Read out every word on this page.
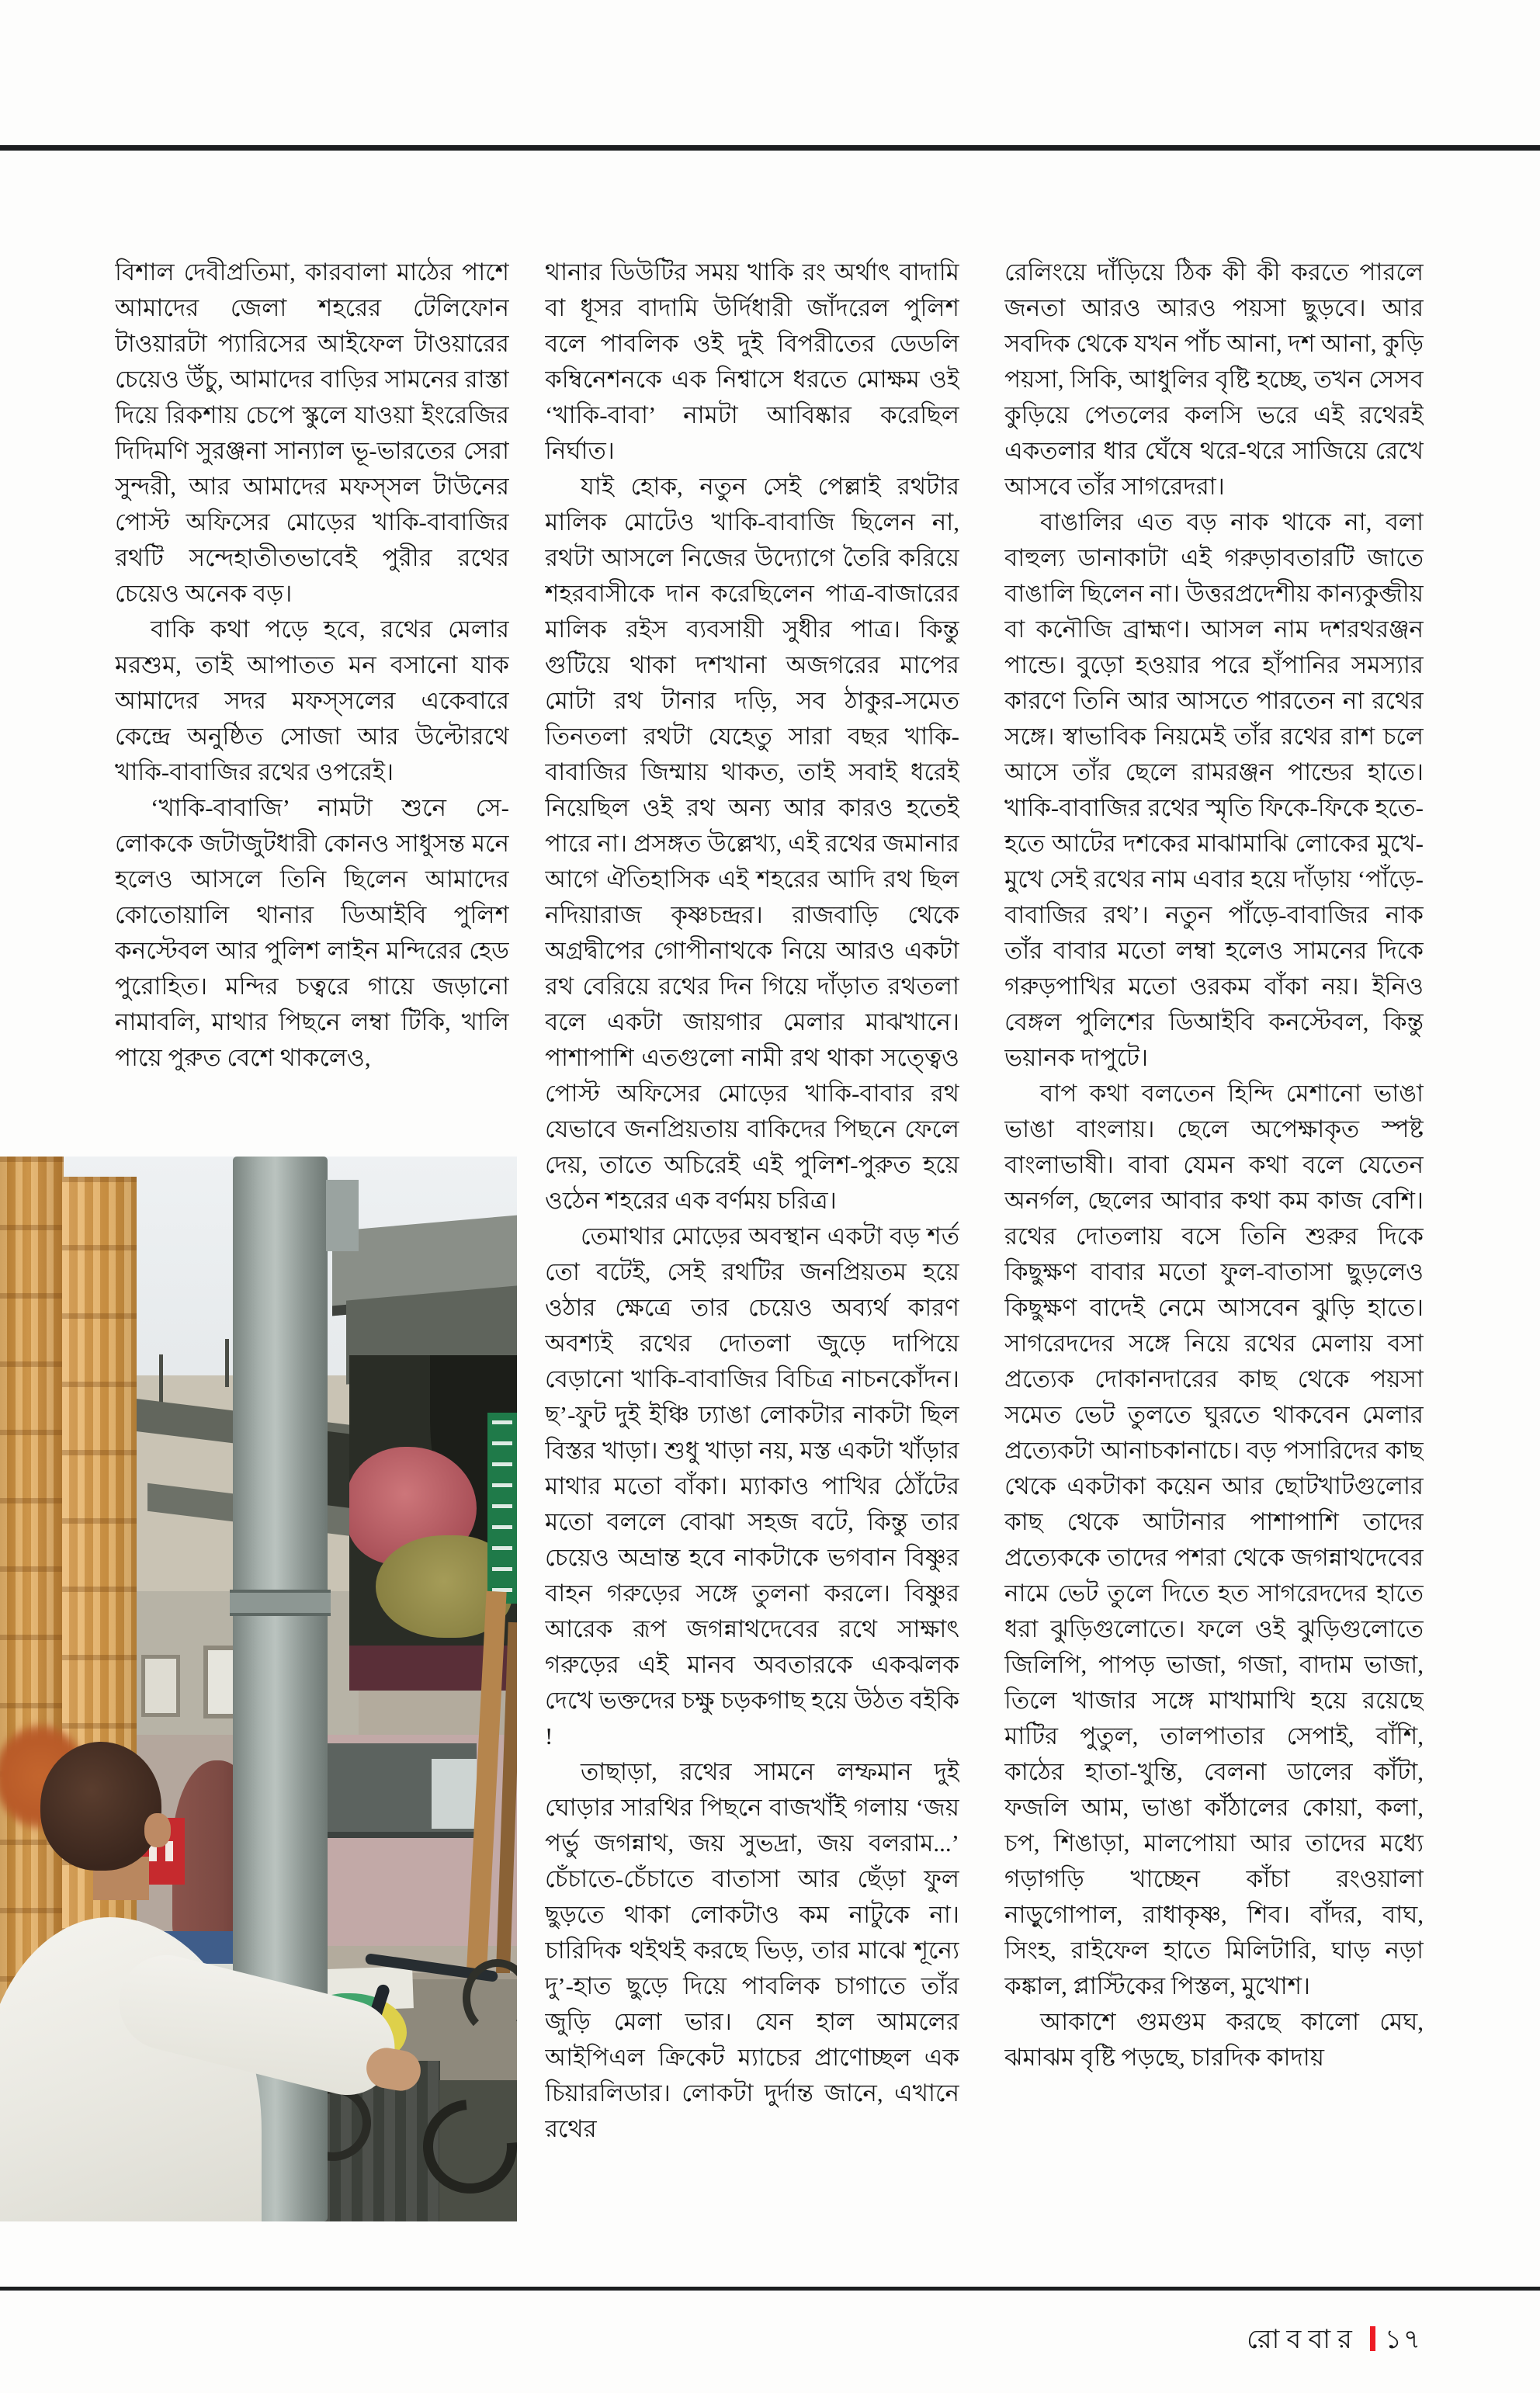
বিশাল দেবীপ্রতিমা, কারবালা মাঠের পাশে আমাদের জেলা শহরের টেলিফোন টাওয়ারটা প্যারিসের আইফেল টাওয়ারের চেয়েও উঁচু, আমাদের বাড়ির সামনের রাস্তা দিয়ে রিকশায় চেপে স্কুলে যাওয়া ইংরেজির দিদিমণি সুরঞ্জনা সান্যাল ভূ-ভারতের সেরা সুন্দরী, আর আমাদের মফস্সল টাউনের পোস্ট অফিসের মোড়ের খাকি-বাবাজির রথটি সন্দেহাতীতভাবেই পুরীর রথের চেয়েও অনেক বড়।

বাকি কথা পড়ে হবে, রথের মেলার মরশুম, তাই আপাতত মন বসানো যাক আমাদের সদর মফস্সলের একেবারে কেন্দ্রে অনুষ্ঠিত সোজা আর উল্টোরথে খাকি-বাবাজির রথের ওপরেই।

‘খাকি-বাবাজি’ নামটা শুনে সে-লোককে জটাজুটধারী কোনও সাধুসন্ত মনে হলেও আসলে তিনি ছিলেন আমাদের কোতোয়ালি থানার ডিআইবি পুলিশ কনস্টেবল আর পুলিশ লাইন মন্দিরের হেড পুরোহিত। মন্দির চত্বরে গায়ে জড়ানো নামাবলি, মাথার পিছনে লম্বা টিকি, খালি পায়ে পুরুত বেশে থাকলেও,

থানার ডিউটির সময় খাকি রং অর্থাৎ বাদামি বা ধূসর বাদামি উর্দিধারী জাঁদরেল পুলিশ বলে পাবলিক ওই দুই বিপরীতের ডেডলি কম্বিনেশনকে এক নিশ্বাসে ধরতে মোক্ষম ওই ‘খাকি-বাবা’ নামটা আবিষ্কার করেছিল নির্ঘাত।

যাই হোক, নতুন সেই পেল্লাই রথটার মালিক মোটেও খাকি-বাবাজি ছিলেন না, রথটা আসলে নিজের উদ্যোগে তৈরি করিয়ে শহরবাসীকে দান করেছিলেন পাত্র-বাজারের মালিক রইস ব্যবসায়ী সুধীর পাত্র। কিন্তু গুটিয়ে থাকা দশখানা অজগরের মাপের মোটা রথ টানার দড়ি, সব ঠাকুর-সমেত তিনতলা রথটা যেহেতু সারা বছর খাকি-বাবাজির জিম্মায় থাকত, তাই সবাই ধরেই নিয়েছিল ওই রথ অন্য আর কারও হতেই পারে না। প্রসঙ্গত উল্লেখ্য, এই রথের জমানার আগে ঐতিহাসিক এই শহরের আদি রথ ছিল নদিয়ারাজ কৃষ্ণচন্দ্রর। রাজবাড়ি থেকে অগ্রদ্বীপের গোপীনাথকে নিয়ে আরও একটা রথ বেরিয়ে রথের দিন গিয়ে দাঁড়াত রথতলা বলে একটা জায়গার মেলার মাঝখানে। পাশাপাশি এতগুলো নামী রথ থাকা সত্ত্বেও পোস্ট অফিসের মোড়ের খাকি-বাবার রথ যেভাবে জনপ্রিয়তায় বাকিদের পিছনে ফেলে দেয়, তাতে অচিরেই এই পুলিশ-পুরুত হয়ে ওঠেন শহরের এক বর্ণময় চরিত্র।

তেমাথার মোড়ের অবস্থান একটা বড় শর্ত তো বটেই, সেই রথটির জনপ্রিয়তম হয়ে ওঠার ক্ষেত্রে তার চেয়েও অব্যর্থ কারণ অবশ্যই রথের দোতলা জুড়ে দাপিয়ে বেড়ানো খাকি-বাবাজির বিচিত্র নাচনকোঁদন। ছ’-ফুট দুই ইঞ্চি ঢ্যাঙা লোকটার নাকটা ছিল বিস্তর খাড়া। শুধু খাড়া নয়, মস্ত একটা খাঁড়ার মাথার মতো বাঁকা। ম্যাকাও পাখির ঠোঁটের মতো বললে বোঝা সহজ বটে, কিন্তু তার চেয়েও অভ্রান্ত হবে নাকটাকে ভগবান বিষ্ণুর বাহন গরুড়ের সঙ্গে তুলনা করলে। বিষ্ণুর আরেক রূপ জগন্নাথদেবের রথে সাক্ষাৎ গরুড়ের এই মানব অবতারকে একঝলক দেখে ভক্তদের চক্ষু চড়কগাছ হয়ে উঠত বইকি !

তাছাড়া, রথের সামনে লম্ফমান দুই ঘোড়ার সারথির পিছনে বাজখাঁই গলায় ‘জয় পর্ভু জগন্নাথ, জয় সুভদ্রা, জয় বলরাম...’ চেঁচাতে-চেঁচাতে বাতাসা আর ছেঁড়া ফুল ছুড়তে থাকা লোকটাও কম নাটুকে না। চারিদিক থইথই করছে ভিড়, তার মাঝে শূন্যে দু’-হাত ছুড়ে দিয়ে পাবলিক চাগাতে তাঁর জুড়ি মেলা ভার। যেন হাল আমলের আইপিএল ক্রিকেট ম্যাচের প্রাণোচ্ছল এক চিয়ারলিডার। লোকটা দুর্দান্ত জানে, এখানে রথের

রেলিংয়ে দাঁড়িয়ে ঠিক কী কী করতে পারলে জনতা আরও আরও পয়সা ছুড়বে। আর সবদিক থেকে যখন পাঁচ আনা, দশ আনা, কুড়ি পয়সা, সিকি, আধুলির বৃষ্টি হচ্ছে, তখন সেসব কুড়িয়ে পেতলের কলসি ভরে এই রথেরই একতলার ধার ঘেঁষে থরে-থরে সাজিয়ে রেখে আসবে তাঁর সাগরেদরা।

বাঙালির এত বড় নাক থাকে না, বলা বাহুল্য ডানাকাটা এই গরুড়াবতারটি জাতে বাঙালি ছিলেন না। উত্তরপ্রদেশীয় কান্যকুব্জীয় বা কনৌজি ব্রাহ্মণ। আসল নাম দশরথরঞ্জন পান্ডে। বুড়ো হওয়ার পরে হাঁপানির সমস্যার কারণে তিনি আর আসতে পারতেন না রথের সঙ্গে। স্বাভাবিক নিয়মেই তাঁর রথের রাশ চলে আসে তাঁর ছেলে রামরঞ্জন পান্ডের হাতে। খাকি-বাবাজির রথের স্মৃতি ফিকে-ফিকে হতে-হতে আটের দশকের মাঝামাঝি লোকের মুখে-মুখে সেই রথের নাম এবার হয়ে দাঁড়ায় ‘পাঁড়ে-বাবাজির রথ’। নতুন পাঁড়ে-বাবাজির নাক তাঁর বাবার মতো লম্বা হলেও সামনের দিকে গরুড়পাখির মতো ওরকম বাঁকা নয়। ইনিও বেঙ্গল পুলিশের ডিআইবি কনস্টেবল, কিন্তু ভয়ানক দাপুটে।

বাপ কথা বলতেন হিন্দি মেশানো ভাঙা ভাঙা বাংলায়। ছেলে অপেক্ষাকৃত স্পষ্ট বাংলাভাষী। বাবা যেমন কথা বলে যেতেন অনর্গল, ছেলের আবার কথা কম কাজ বেশি। রথের দোতলায় বসে তিনি শুরুর দিকে কিছুক্ষণ বাবার মতো ফুল-বাতাসা ছুড়লেও কিছুক্ষণ বাদেই নেমে আসবেন ঝুড়ি হাতে। সাগরেদদের সঙ্গে নিয়ে রথের মেলায় বসা প্রত্যেক দোকানদারের কাছ থেকে পয়সা সমেত ভেট তুলতে ঘুরতে থাকবেন মেলার প্রত্যেকটা আনাচকানাচে। বড় পসারিদের কাছ থেকে একটাকা কয়েন আর ছোটখাটগুলোর কাছ থেকে আটানার পাশাপাশি তাদের প্রত্যেককে তাদের পশরা থেকে জগন্নাথদেবের নামে ভেট তুলে দিতে হত সাগরেদদের হাতে ধরা ঝুড়িগুলোতে। ফলে ওই ঝুড়িগুলোতে জিলিপি, পাপড় ভাজা, গজা, বাদাম ভাজা, তিলে খাজার সঙ্গে মাখামাখি হয়ে রয়েছে মাটির পুতুল, তালপাতার সেপাই, বাঁশি, কাঠের হাতা-খুন্তি, বেলনা ডালের কাঁটা, ফজলি আম, ভাঙা কাঁঠালের কোয়া, কলা, চপ, শিঙাড়া, মালপোয়া আর তাদের মধ্যে গড়াগড়ি খাচ্ছেন কাঁচা রংওয়ালা নাড়ুগোপাল, রাধাকৃষ্ণ, শিব। বাঁদর, বাঘ, সিংহ, রাইফেল হাতে মিলিটারি, ঘাড় নড়া কঙ্কাল, প্লাস্টিকের পিস্তল, মুখোশ।

আকাশে গুমগুম করছে কালো মেঘ, ঝমাঝম বৃষ্টি পড়ছে, চারদিক কাদায়

রোববার ১৭
